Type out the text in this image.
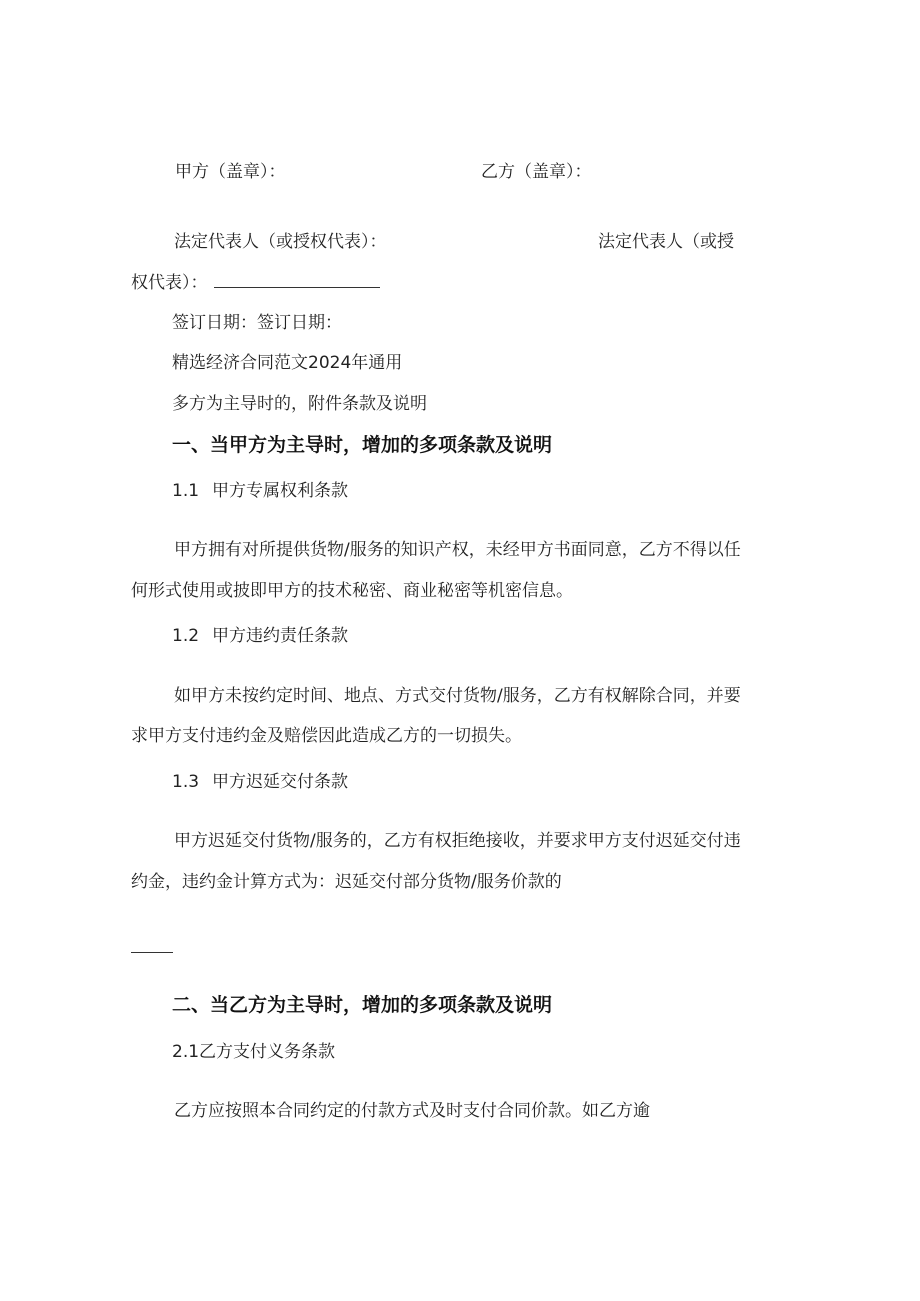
甲方（盖章）：	乙方（盖章）：
法定代表人（或授权代表）：	法定代表人（或授
权代表）：
签订日期：签订日期：
精选经济合同范文2024年通用
多方为主导时的，附件条款及说明
一、当甲方为主导时，增加的多项条款及说明
1.1 甲方专属权利条款
甲方拥有对所提供货物/服务的知识产权，未经甲方书面同意，乙方不得以任
何形式使用或披即甲方的技术秘密、商业秘密等机密信息。
1.2 甲方违约责任条款
如甲方未按约定时间、地点、方式交付货物/服务，乙方有权解除合同，并要
求甲方支付违约金及赔偿因此造成乙方的一切损失。
1.3 甲方迟延交付条款
甲方迟延交付货物/服务的，乙方有权拒绝接收，并要求甲方支付迟延交付违
约金，违约金计算方式为：迟延交付部分货物/服务价款的
二、当乙方为主导时，增加的多项条款及说明
2.1乙方支付义务条款
乙方应按照本合同约定的付款方式及时支付合同价款。如乙方逾
